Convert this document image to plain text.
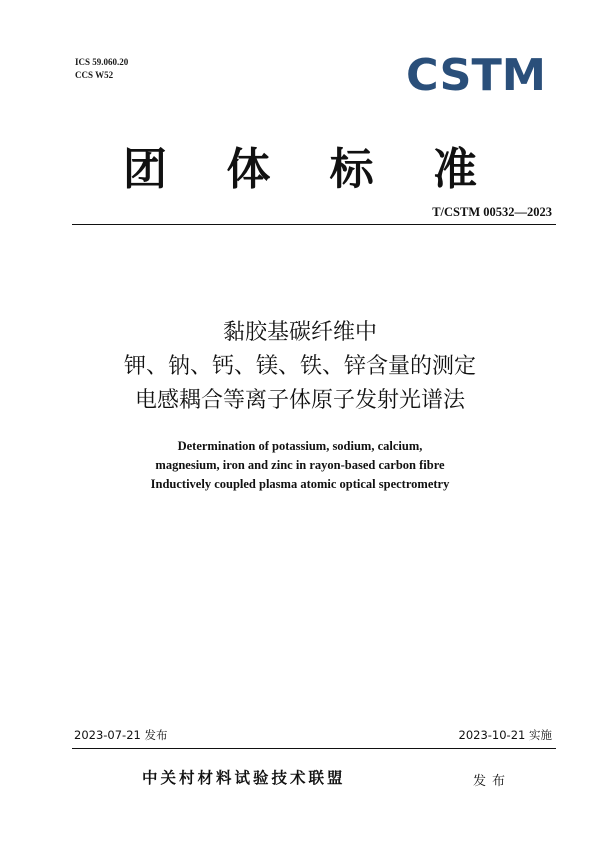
ICS 59.060.20
CCS W52	CSTM
团 体 标 准
T/CSTM 00532—2023
黏胶基碳纤维中
钾、钠、钙、镁、铁、锌含量的测定
电感耦合等离子体原子发射光谱法
Determination of potassium, sodium, calcium,
magnesium, iron and zinc in rayon-based carbon fibre
Inductively coupled plasma atomic optical spectrometry
2023-07-21 发布	2023-10-21 实施
中关村材料试验技术联盟	发布
